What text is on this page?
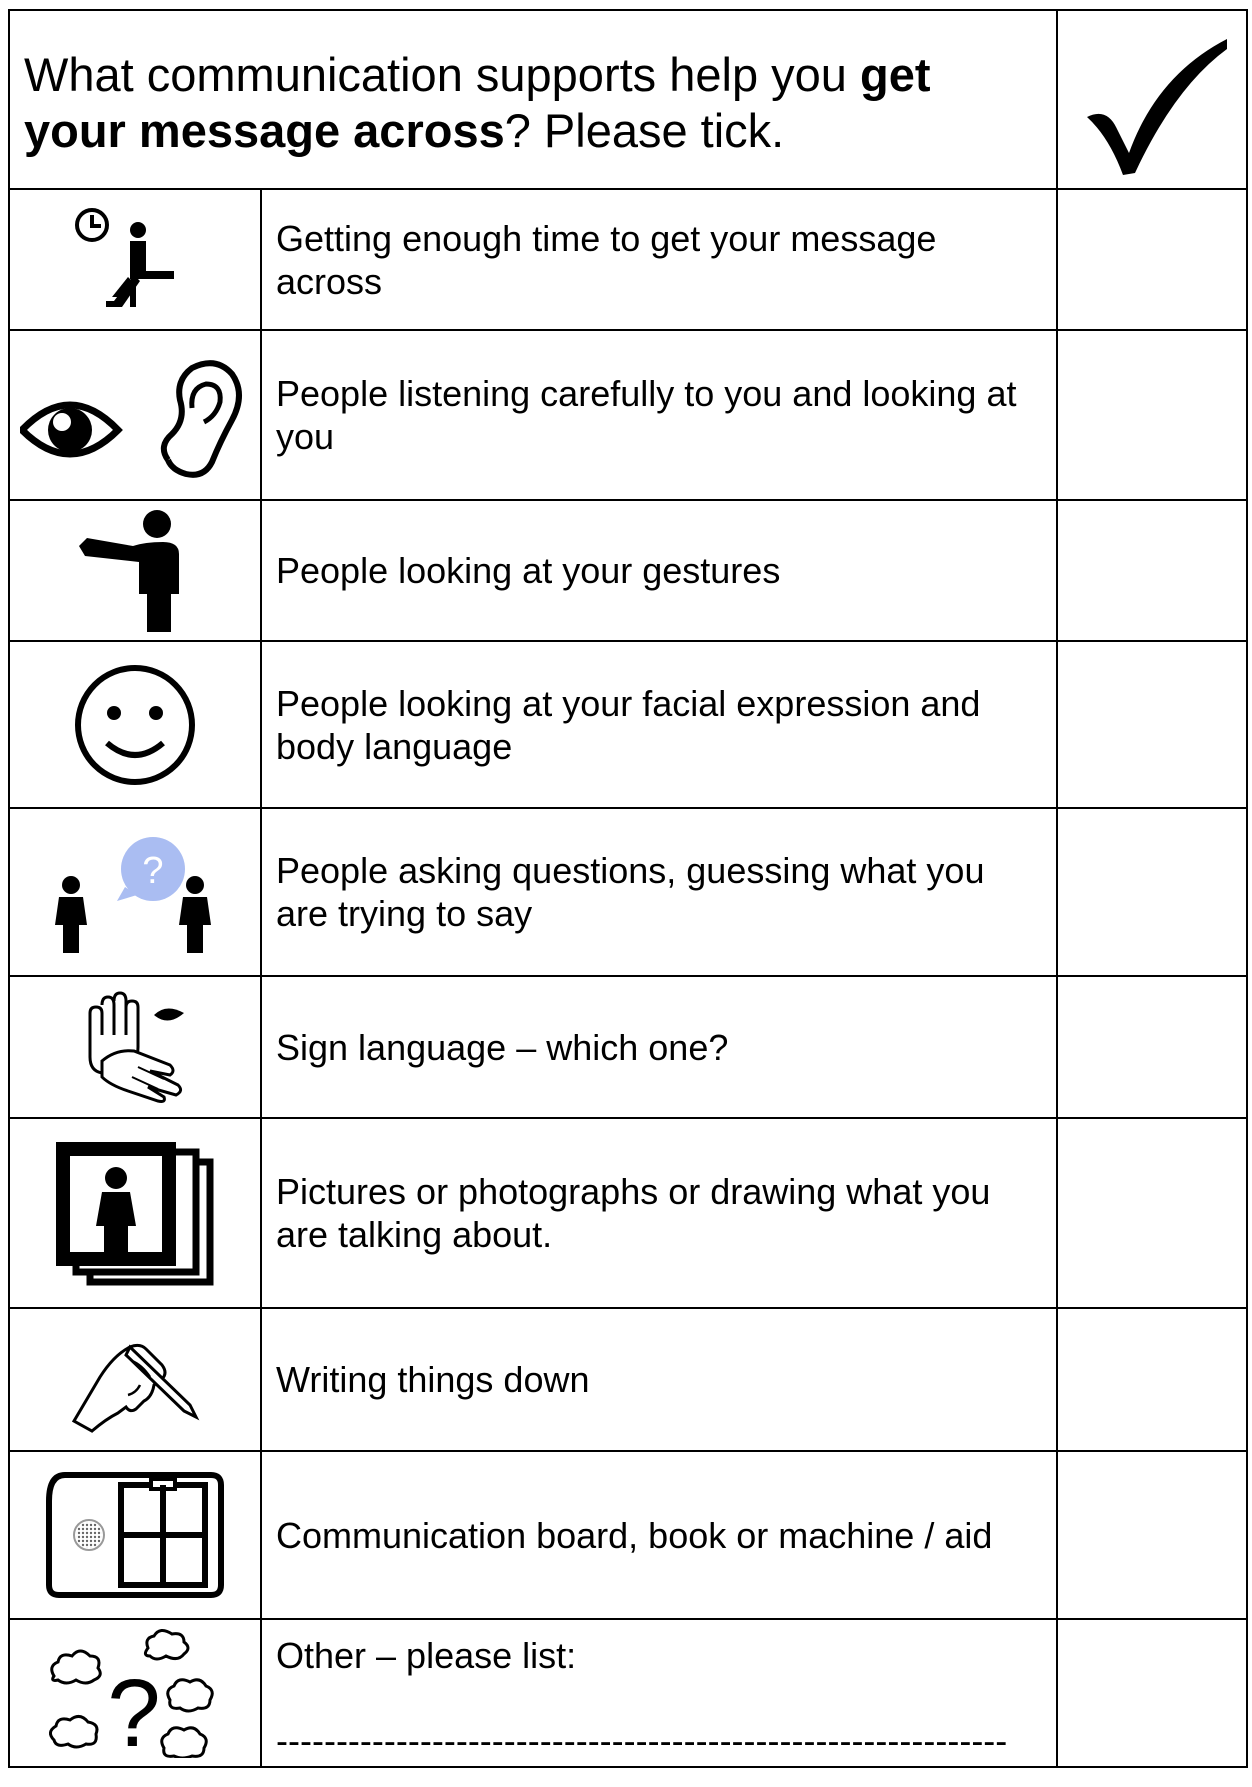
What communication supports help you get your message across? Please tick.	

	Getting enough time to get your message across	

	People listening carefully to you and looking at you	

	People looking at your gestures	

	People looking at your facial expression and body language	

?	People asking questions, guessing what you are trying to say	

	Sign language – which one?	

	Pictures or photographs or drawing what you are talking about.	

	Writing things down	

	Communication board, book or machine / aid	

?	Other – please list:
-------------------------------------------------------------	
